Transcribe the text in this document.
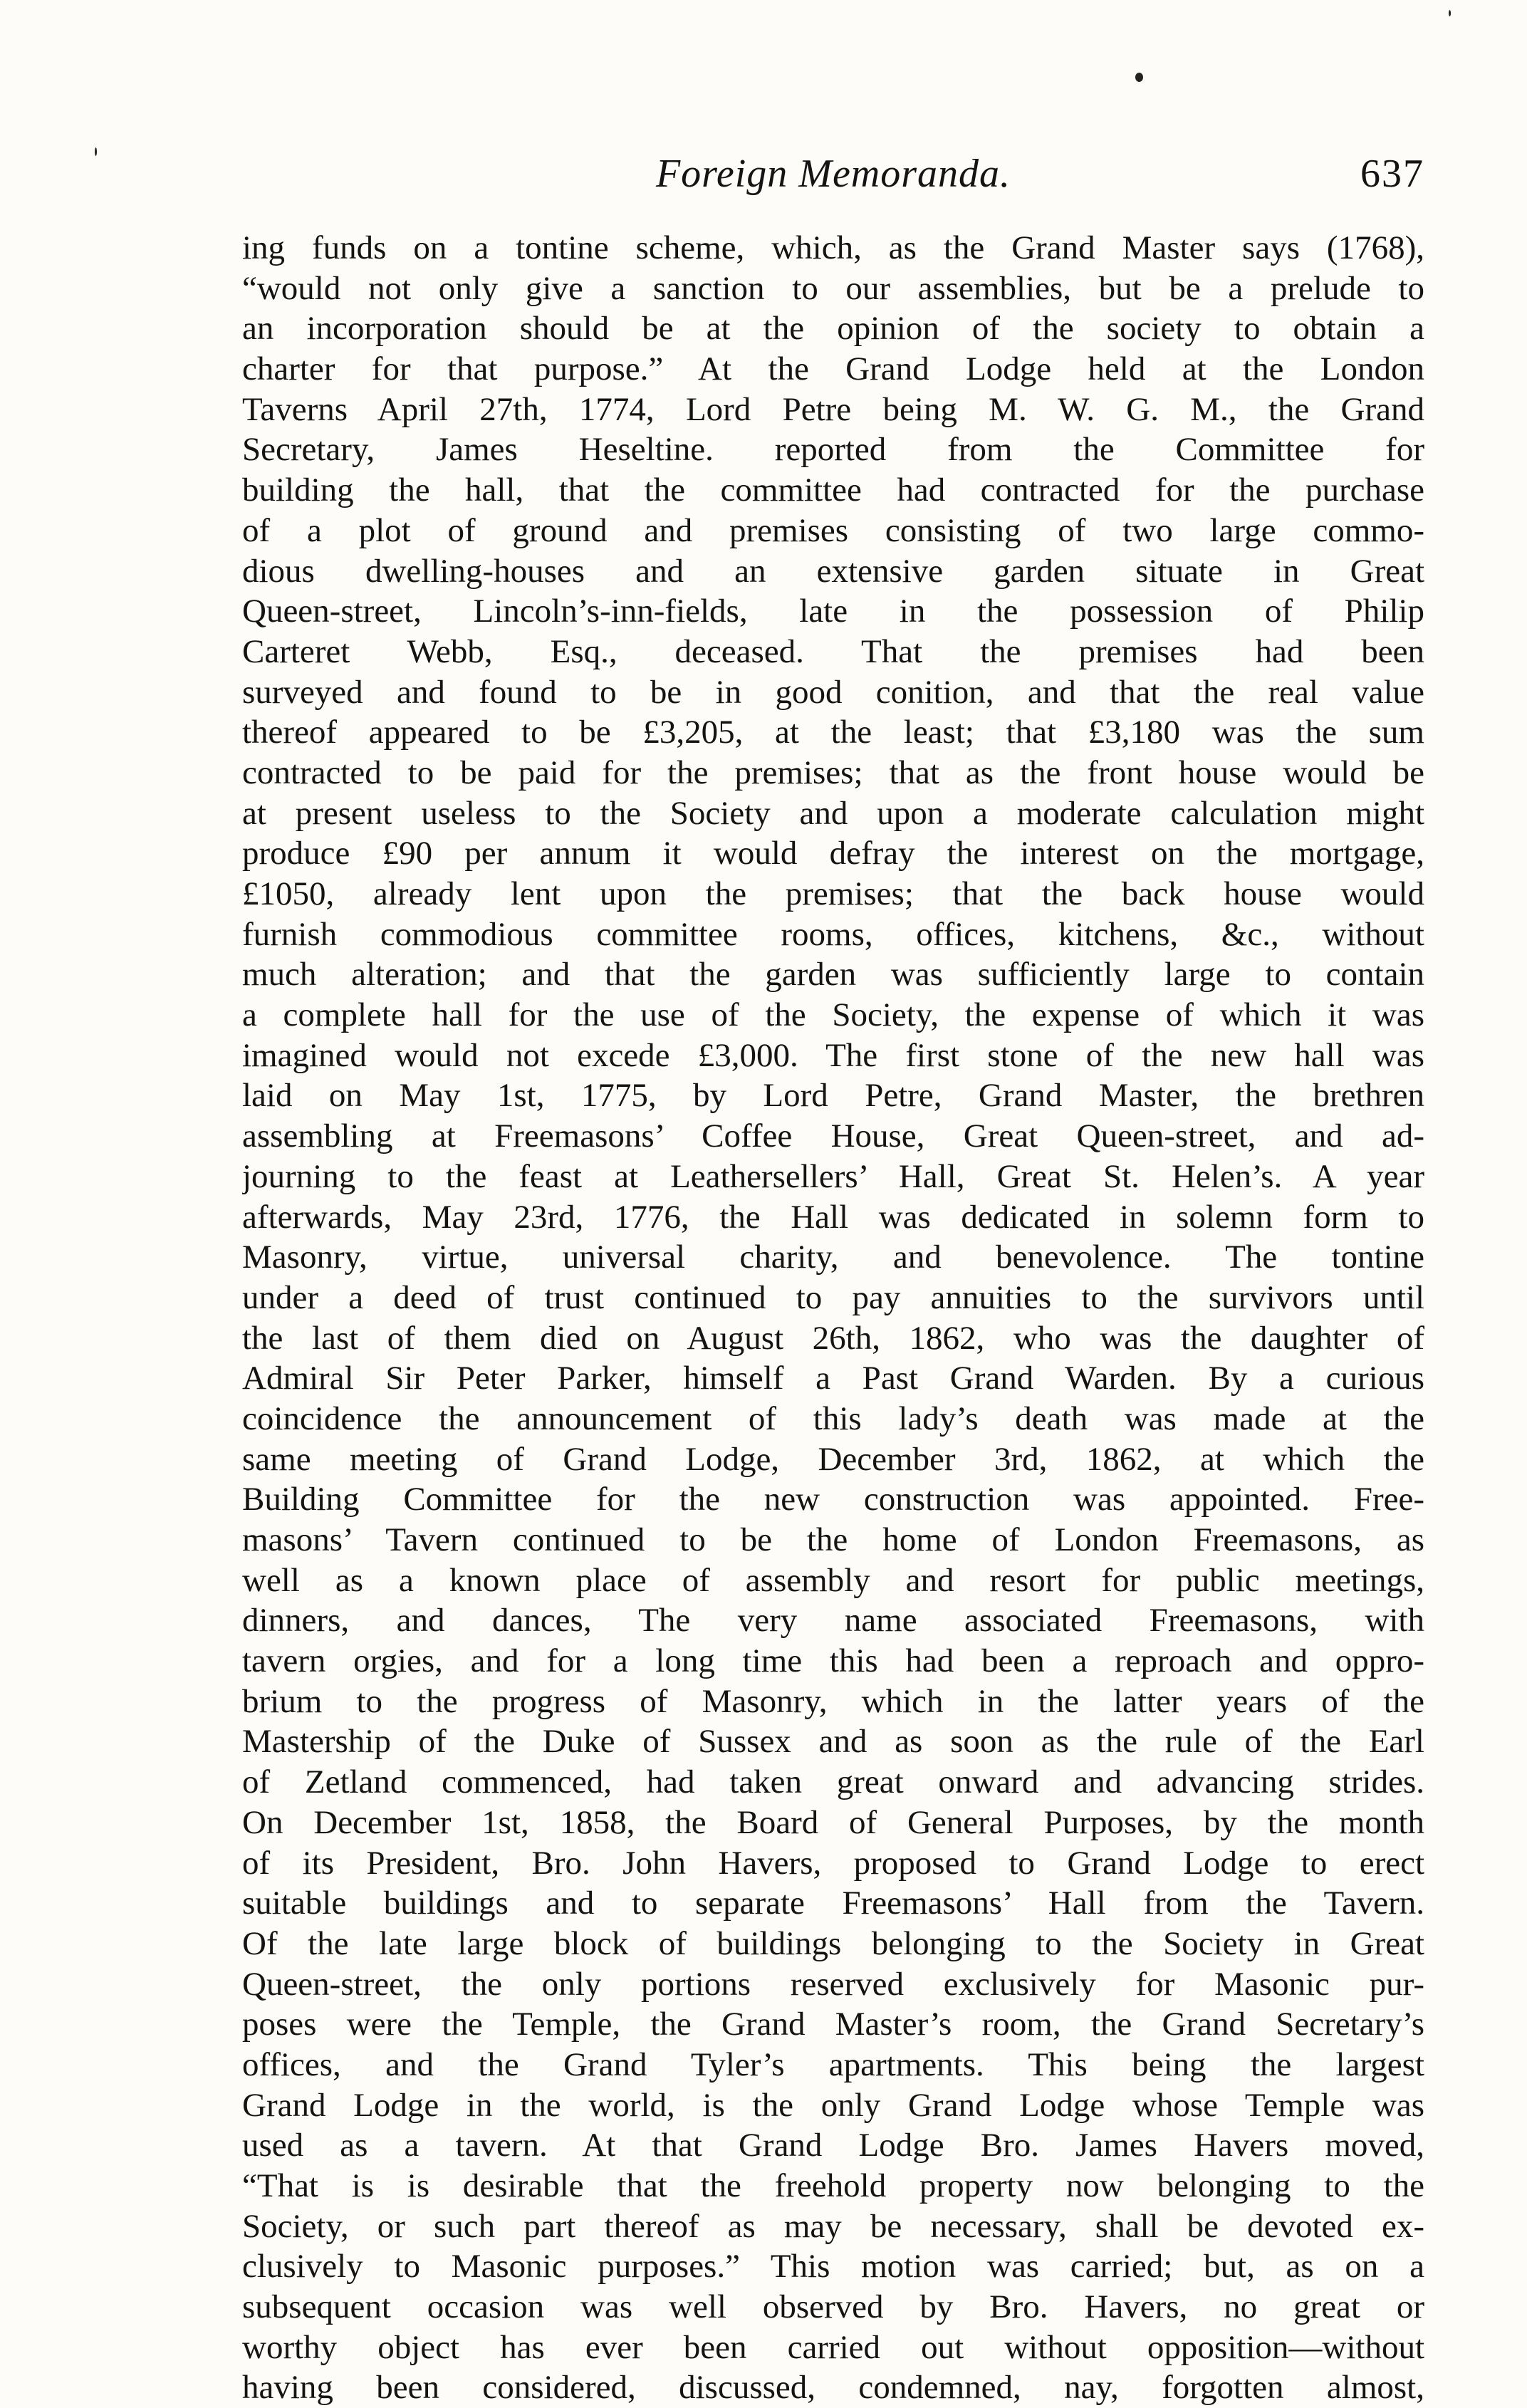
Foreign Memoranda.	637
ing funds on a tontine scheme, which, as the Grand Master says (1768),
“would not only give a sanction to our assemblies, but be a prelude to
an incorporation should be at the opinion of the society to obtain a
charter for that purpose.” At the Grand Lodge held at the London
Taverns April 27th, 1774, Lord Petre being M. W. G. M., the Grand
Secretary, James Heseltine. reported from the Committee for
building the hall, that the committee had contracted for the purchase
of a plot of ground and premises consisting of two large commo-
dious dwelling-houses and an extensive garden situate in Great
Queen-street, Lincoln’s-inn-fields, late in the possession of Philip
Carteret Webb, Esq., deceased. That the premises had been
surveyed and found to be in good conition, and that the real value
thereof appeared to be £3,205, at the least; that £3,180 was the sum
contracted to be paid for the premises; that as the front house would be
at present useless to the Society and upon a moderate calculation might
produce £90 per annum it would defray the interest on the mortgage,
£1050, already lent upon the premises; that the back house would
furnish commodious committee rooms, offices, kitchens, &c., without
much alteration; and that the garden was sufficiently large to contain
a complete hall for the use of the Society, the expense of which it was
imagined would not excede £3,000. The first stone of the new hall was
laid on May 1st, 1775, by Lord Petre, Grand Master, the brethren
assembling at Freemasons’ Coffee House, Great Queen-street, and ad-
journing to the feast at Leathersellers’ Hall, Great St. Helen’s. A year
afterwards, May 23rd, 1776, the Hall was dedicated in solemn form to
Masonry, virtue, universal charity, and benevolence. The tontine
under a deed of trust continued to pay annuities to the survivors until
the last of them died on August 26th, 1862, who was the daughter of
Admiral Sir Peter Parker, himself a Past Grand Warden. By a curious
coincidence the announcement of this lady’s death was made at the
same meeting of Grand Lodge, December 3rd, 1862, at which the
Building Committee for the new construction was appointed. Free-
masons’ Tavern continued to be the home of London Freemasons, as
well as a known place of assembly and resort for public meetings,
dinners, and dances, The very name associated Freemasons, with
tavern orgies, and for a long time this had been a reproach and oppro-
brium to the progress of Masonry, which in the latter years of the
Mastership of the Duke of Sussex and as soon as the rule of the Earl
of Zetland commenced, had taken great onward and advancing strides.
On December 1st, 1858, the Board of General Purposes, by the month
of its President, Bro. John Havers, proposed to Grand Lodge to erect
suitable buildings and to separate Freemasons’ Hall from the Tavern.
Of the late large block of buildings belonging to the Society in Great
Queen-street, the only portions reserved exclusively for Masonic pur-
poses were the Temple, the Grand Master’s room, the Grand Secretary’s
offices, and the Grand Tyler’s apartments. This being the largest
Grand Lodge in the world, is the only Grand Lodge whose Temple was
used as a tavern. At that Grand Lodge Bro. James Havers moved,
“That is is desirable that the freehold property now belonging to the
Society, or such part thereof as may be necessary, shall be devoted ex-
clusively to Masonic purposes.” This motion was carried; but, as on a
subsequent occasion was well observed by Bro. Havers, no great or
worthy object has ever been carried out without opposition—without
having been considered, discussed, condemned, nay, forgotten almost,
